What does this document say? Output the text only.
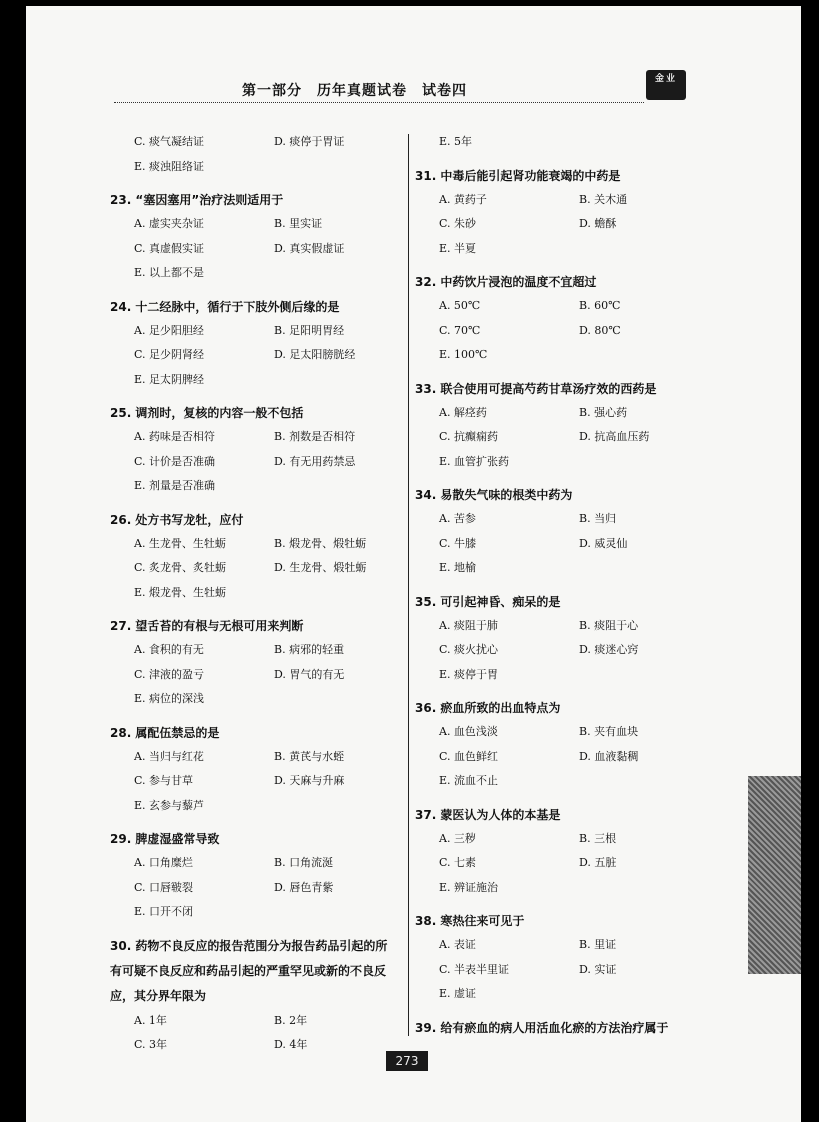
第一部分　历年真题试卷　试卷四
金业
C. 痰气凝结证	D. 痰停于胃证
E. 痰浊阻络证
23. “塞因塞用”治疗法则适用于
A. 虚实夹杂证	B. 里实证
C. 真虚假实证	D. 真实假虚证
E. 以上都不是
24. 十二经脉中，循行于下肢外侧后缘的是
A. 足少阳胆经	B. 足阳明胃经
C. 足少阴肾经	D. 足太阳膀胱经
E. 足太阴脾经
25. 调剂时，复核的内容一般不包括
A. 药味是否相符	B. 剂数是否相符
C. 计价是否准确	D. 有无用药禁忌
E. 剂量是否准确
26. 处方书写龙牡，应付
A. 生龙骨、生牡蛎	B. 煅龙骨、煅牡蛎
C. 炙龙骨、炙牡蛎	D. 生龙骨、煅牡蛎
E. 煅龙骨、生牡蛎
27. 望舌苔的有根与无根可用来判断
A. 食积的有无	B. 病邪的轻重
C. 津液的盈亏	D. 胃气的有无
E. 病位的深浅
28. 属配伍禁忌的是
A. 当归与红花	B. 黄芪与水蛭
C. 参与甘草	D. 天麻与升麻
E. 玄参与藜芦
29. 脾虚湿盛常导致
A. 口角糜烂	B. 口角流涎
C. 口唇皲裂	D. 唇色青紫
E. 口开不闭
30. 药物不良反应的报告范围分为报告药品引起的所有可疑不良反应和药品引起的严重罕见或新的不良反应，其分界年限为
A. 1年	B. 2年
C. 3年	D. 4年
E. 5年
31. 中毒后能引起肾功能衰竭的中药是
A. 黄药子	B. 关木通
C. 朱砂	D. 蟾酥
E. 半夏
32. 中药饮片浸泡的温度不宜超过
A. 50℃	B. 60℃
C. 70℃	D. 80℃
E. 100℃
33. 联合使用可提高芍药甘草汤疗效的西药是
A. 解痉药	B. 强心药
C. 抗癫痫药	D. 抗高血压药
E. 血管扩张药
34. 易散失气味的根类中药为
A. 苦参	B. 当归
C. 牛膝	D. 威灵仙
E. 地榆
35. 可引起神昏、痴呆的是
A. 痰阻于肺	B. 痰阻于心
C. 痰火扰心	D. 痰迷心窍
E. 痰停于胃
36. 瘀血所致的出血特点为
A. 血色浅淡	B. 夹有血块
C. 血色鲜红	D. 血液黏稠
E. 流血不止
37. 蒙医认为人体的本基是
A. 三秽	B. 三根
C. 七素	D. 五脏
E. 辨证施治
38. 寒热往来可见于
A. 表证	B. 里证
C. 半表半里证	D. 实证
E. 虚证
39. 给有瘀血的病人用活血化瘀的方法治疗属于
273
